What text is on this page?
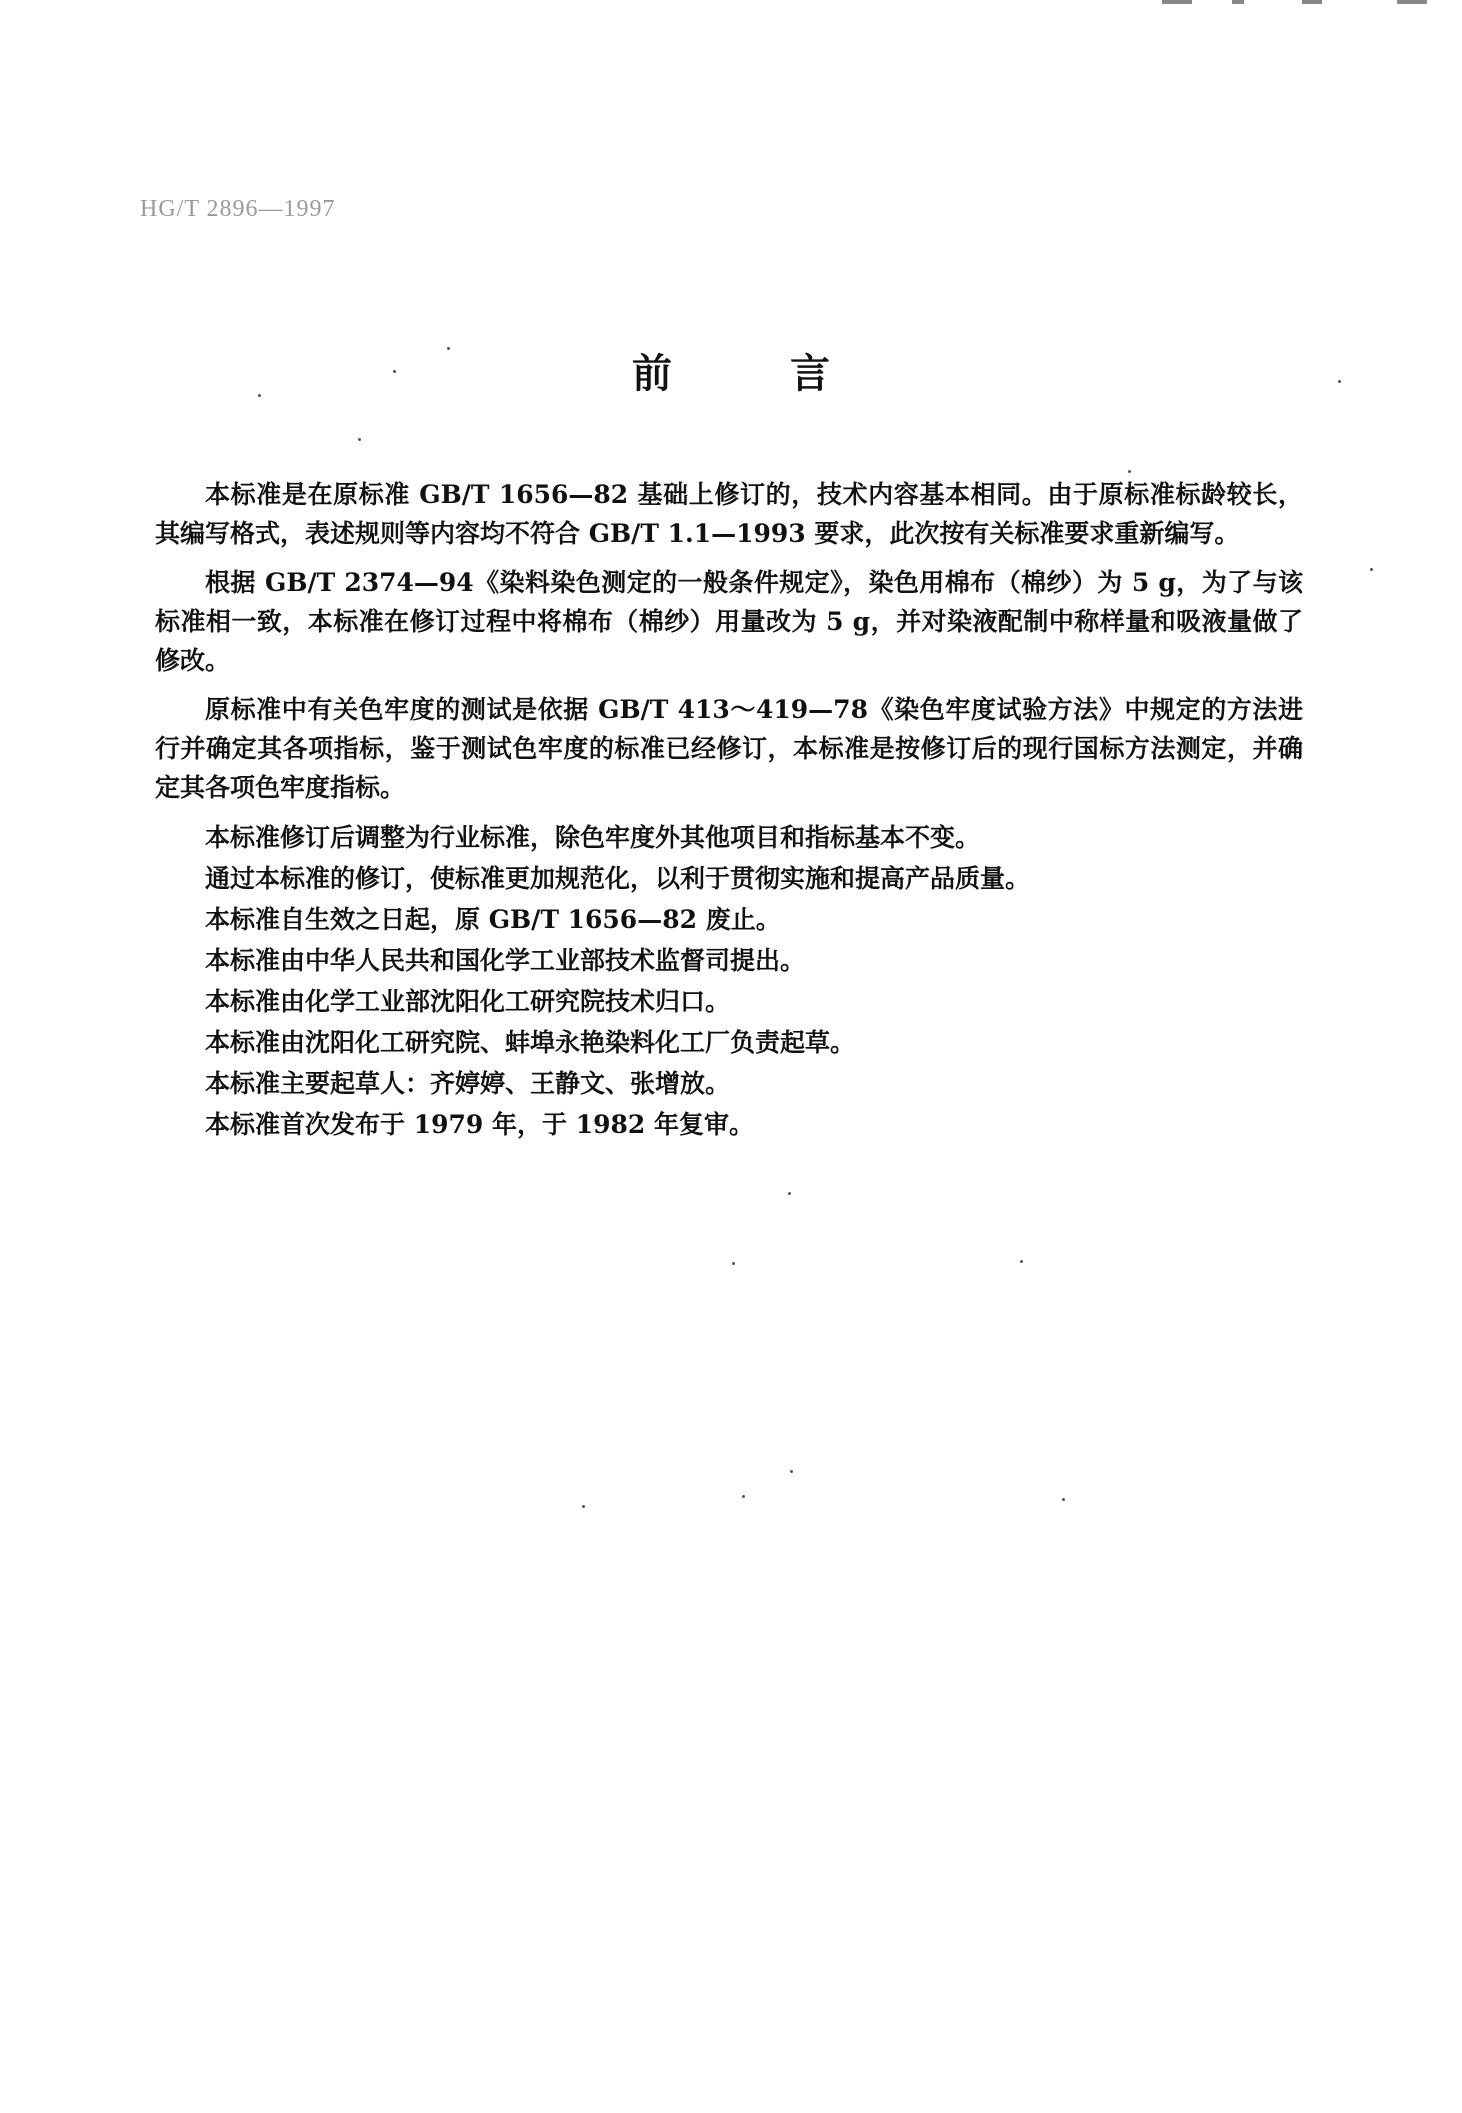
HG/T 2896—1997
前 言

本标准是在原标准 GB/T 1656—82 基础上修订的，技术内容基本相同。由于原标准标龄较长，其编写格式，表述规则等内容均不符合 GB/T 1.1—1993 要求，此次按有关标准要求重新编写。

根据 GB/T 2374—94《染料染色测定的一般条件规定》，染色用棉布（棉纱）为 5 g，为了与该标准相一致，本标准在修订过程中将棉布（棉纱）用量改为 5 g，并对染液配制中称样量和吸液量做了修改。

原标准中有关色牢度的测试是依据 GB/T 413～419—78《染色牢度试验方法》中规定的方法进行并确定其各项指标，鉴于测试色牢度的标准已经修订，本标准是按修订后的现行国标方法测定，并确定其各项色牢度指标。

本标准修订后调整为行业标准，除色牢度外其他项目和指标基本不变。

通过本标准的修订，使标准更加规范化，以利于贯彻实施和提高产品质量。

本标准自生效之日起，原 GB/T 1656—82 废止。

本标准由中华人民共和国化学工业部技术监督司提出。

本标准由化学工业部沈阳化工研究院技术归口。

本标准由沈阳化工研究院、蚌埠永艳染料化工厂负责起草。

本标准主要起草人：齐婷婷、王静文、张增放。

本标准首次发布于 1979 年，于 1982 年复审。
